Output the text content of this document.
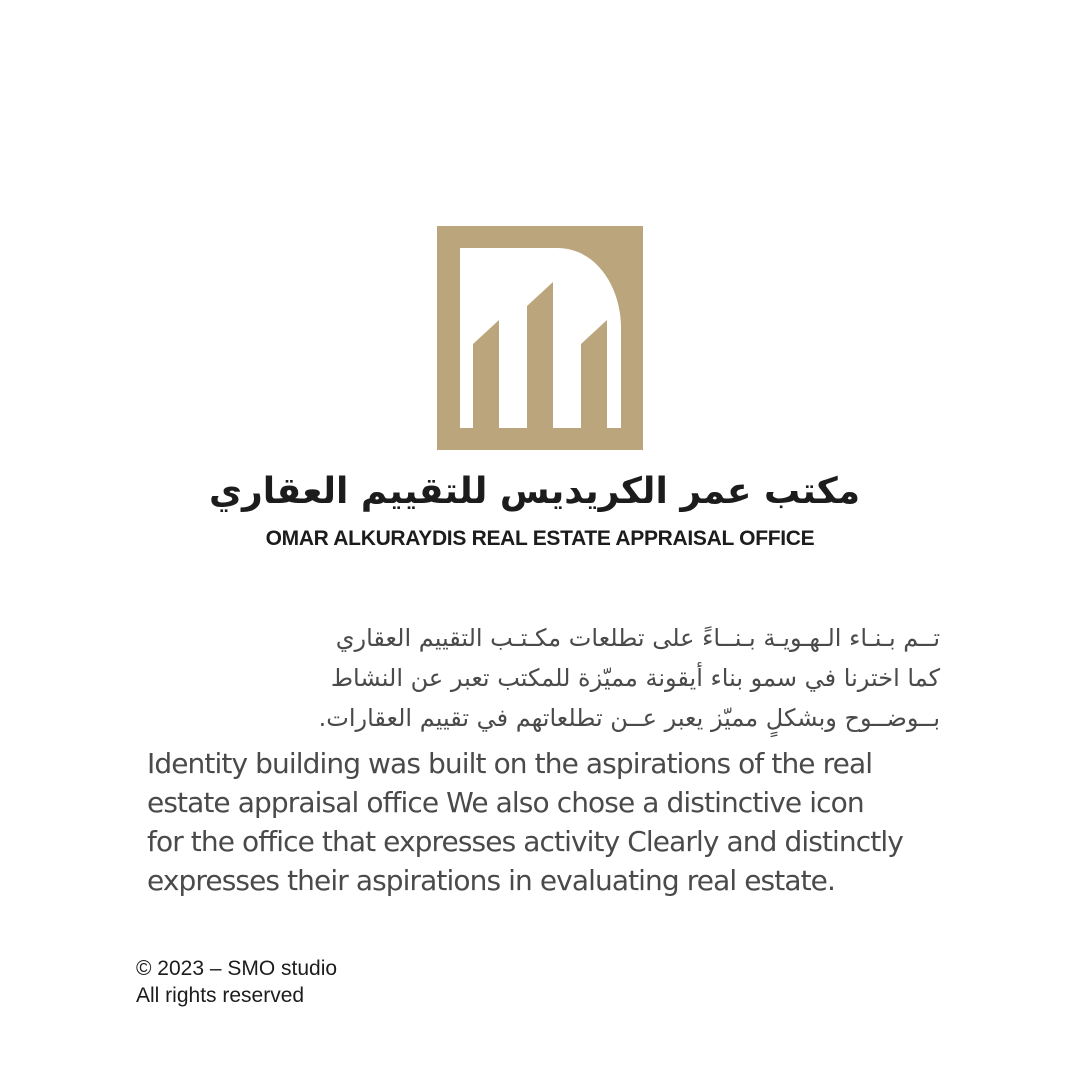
مكتب عمر الكريديس للتقييم العقاري
OMAR ALKURAYDIS REAL ESTATE APPRAISAL OFFICE
تــم بـنـاء الـهـويـة بـنــاءً على تطلعات مكـتـب التقييم العقاري
كما اخترنا في سمو بناء أيقونة مميّزة للمكتب تعبر عن النشاط
بــوضــوح وبشكلٍ مميّز يعبر عــن تطلعاتهم في تقييم العقارات.
Identity building was built on the aspirations of the real
estate appraisal office We also chose a distinctive icon
for the office that expresses activity Clearly and distinctly
expresses their aspirations in evaluating real estate.
© 2023 – SMO studio
All rights reserved
